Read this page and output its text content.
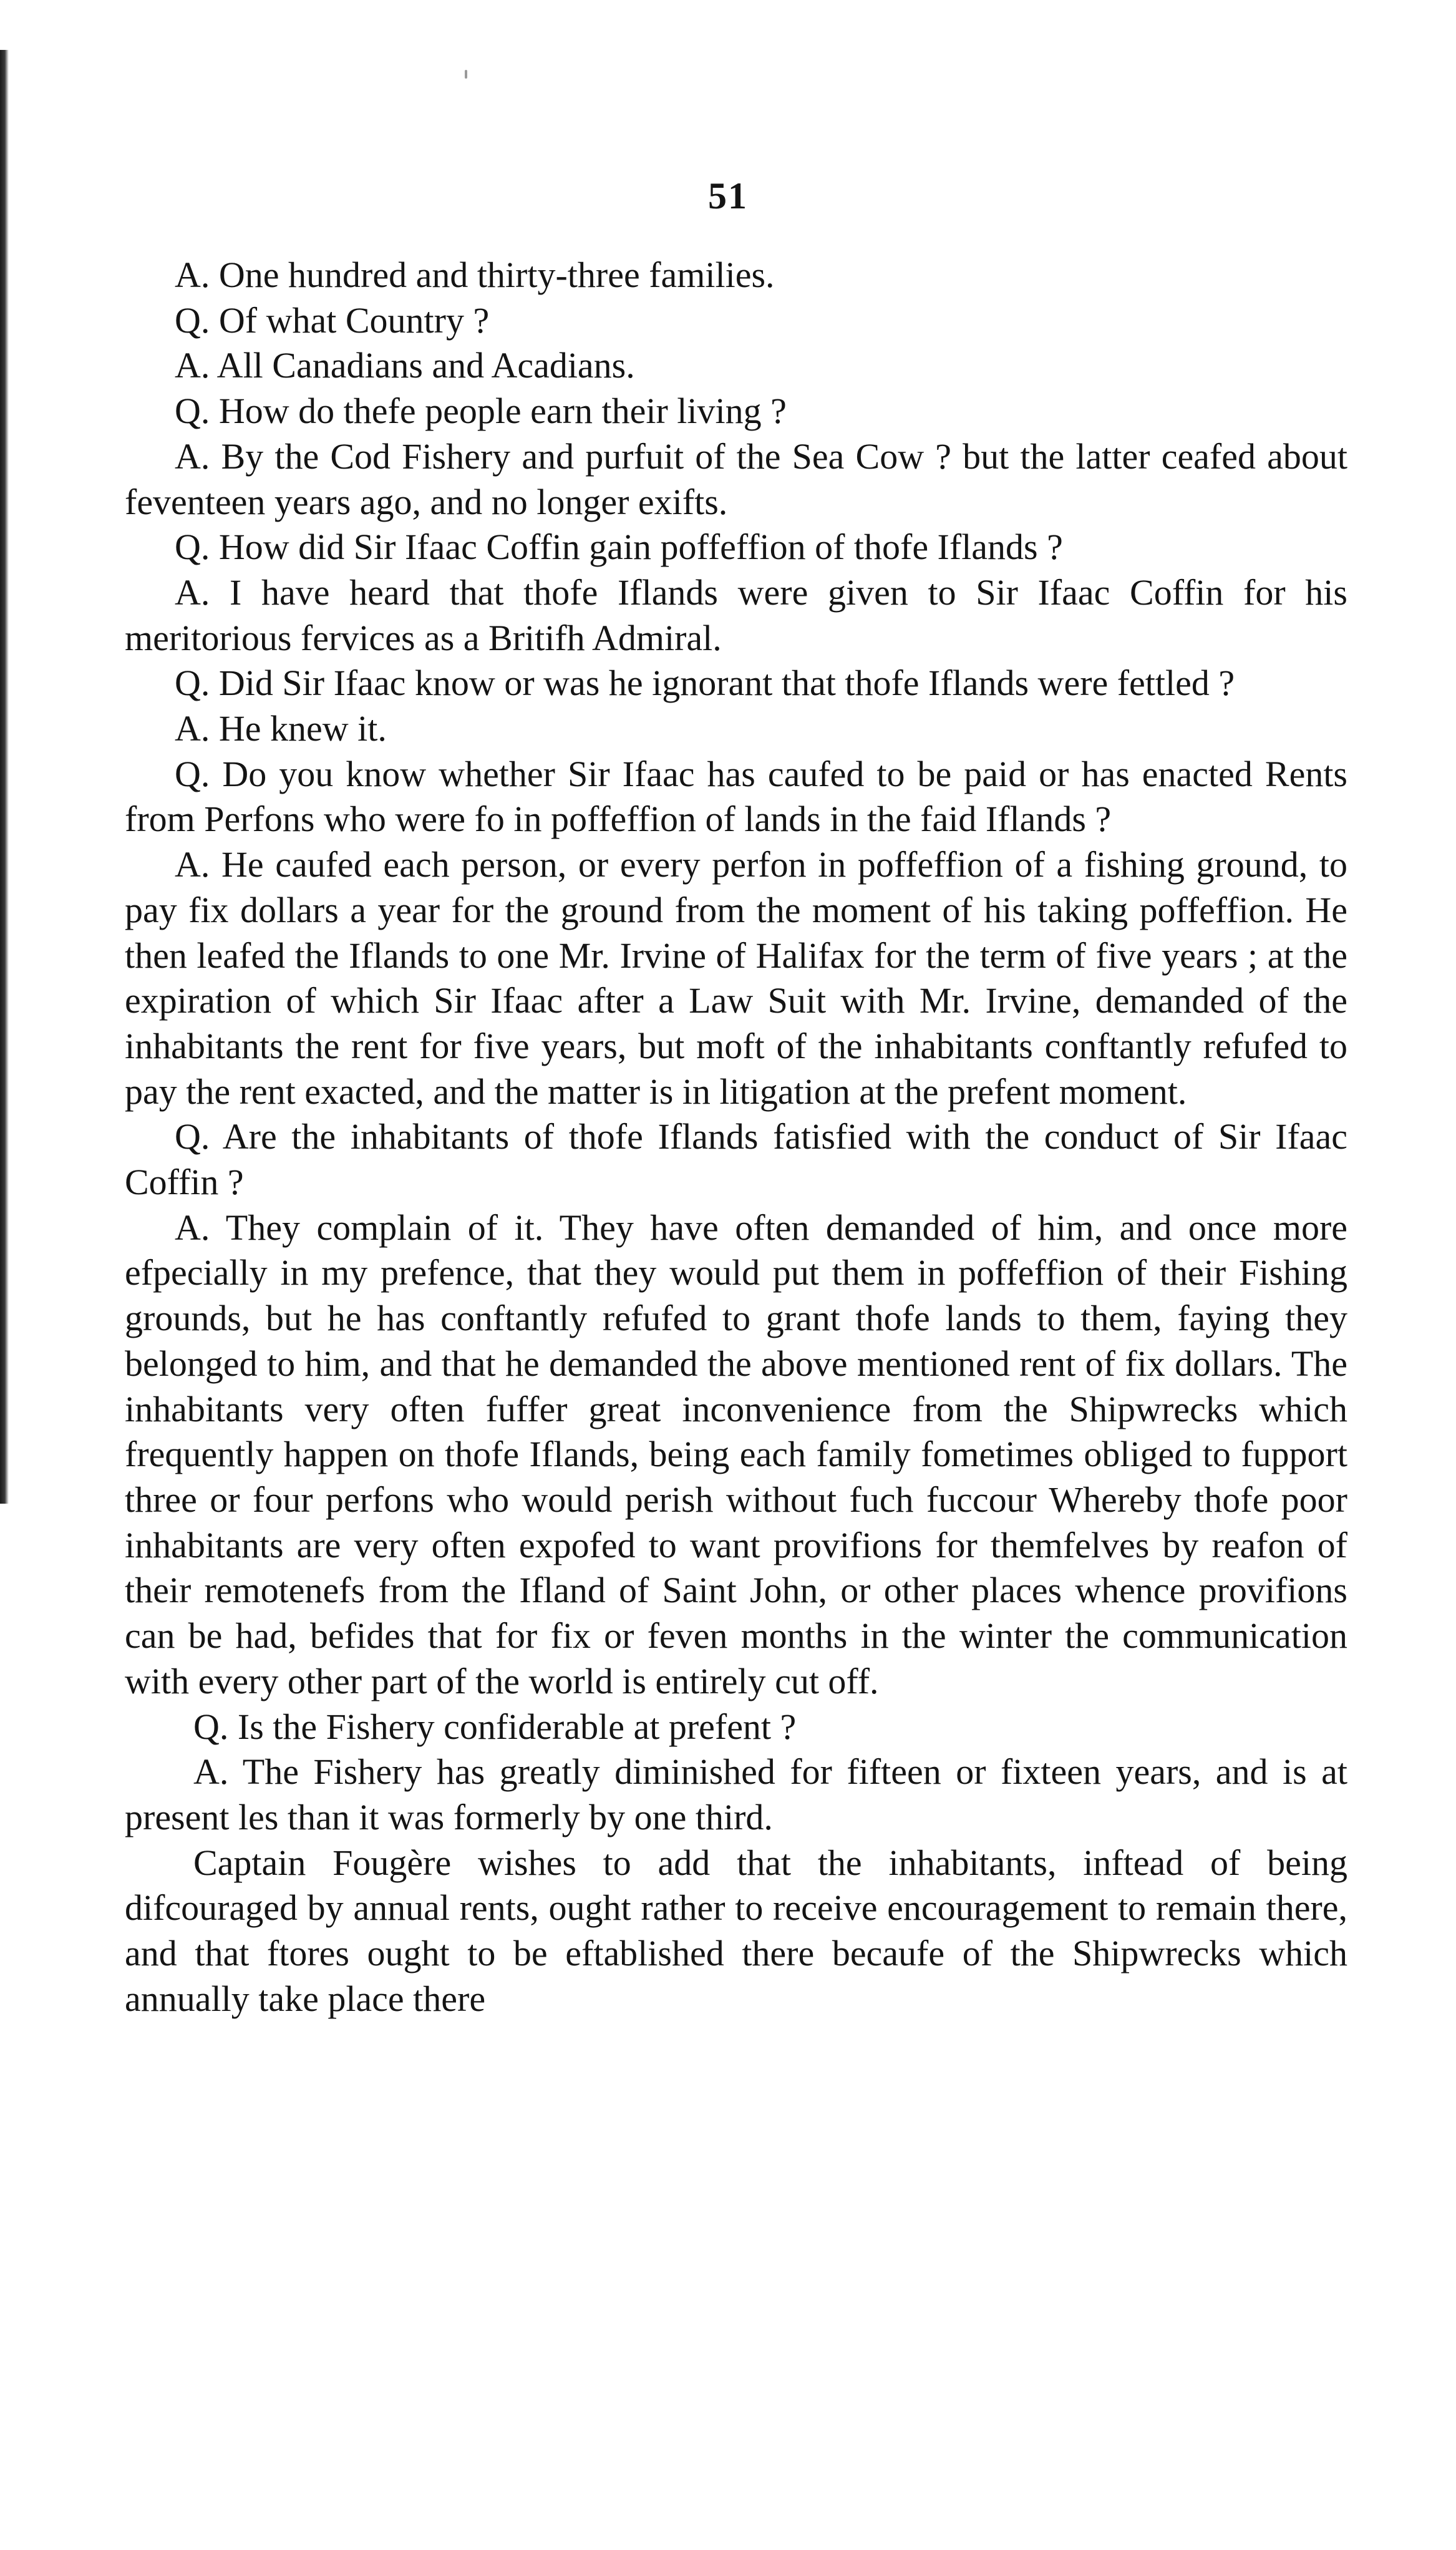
51

A. One hundred and thirty-three families.

Q. Of what Country ?

A. All Canadians and Acadians.

Q. How do thefe people earn their living ?

A. By the Cod Fishery and purfuit of the Sea Cow ? but the latter ceafed about feventeen years ago, and no longer exifts.

Q. How did Sir Ifaac Coffin gain poffeffion of thofe Iflands ?

A. I have heard that thofe Iflands were given to Sir Ifaac Coffin for his meritorious fervices as a Britifh Admiral.

Q. Did Sir Ifaac know or was he ignorant that thofe Iflands were fettled ?

A. He knew it.

Q. Do you know whether Sir Ifaac has caufed to be paid or has enacted Rents from Perfons who were fo in poffeffion of lands in the faid Iflands ?

A. He caufed each person, or every perfon in poffeffion of a fishing ground, to pay fix dollars a year for the ground from the moment of his taking poffeffion. He then leafed the Iflands to one Mr. Irvine of Halifax for the term of five years ; at the expiration of which Sir Ifaac after a Law Suit with Mr. Irvine, demanded of the inhabitants the rent for five years, but moft of the inhabitants conftantly refufed to pay the rent exacted, and the matter is in litigation at the prefent moment.

Q. Are the inhabitants of thofe Iflands fatisfied with the conduct of Sir Ifaac Coffin ?

A. They complain of it. They have often demanded of him, and once more efpecially in my prefence, that they would put them in poffeffion of their Fishing grounds, but he has conftantly refufed to grant thofe lands to them, faying they belonged to him, and that he demanded the above mentioned rent of fix dollars. The inhabitants very often fuffer great inconvenience from the Shipwrecks which frequently happen on thofe Iflands, being each family fometimes obliged to fupport three or four perfons who would perish without fuch fuccour Whereby thofe poor inhabitants are very often expofed to want provifions for themfelves by reafon of their remotenefs from the Ifland of Saint John, or other places whence provifions can be had, befides that for fix or feven months in the winter the communication with every other part of the world is entirely cut off.

Q. Is the Fishery confiderable at prefent ?

A. The Fishery has greatly diminished for fifteen or fixteen years, and is at present les than it was formerly by one third.

Captain Fougère wishes to add that the inhabitants, inftead of being difcouraged by annual rents, ought rather to receive encouragement to remain there, and that ftores ought to be eftablished there becaufe of the Shipwrecks which annually take place there
